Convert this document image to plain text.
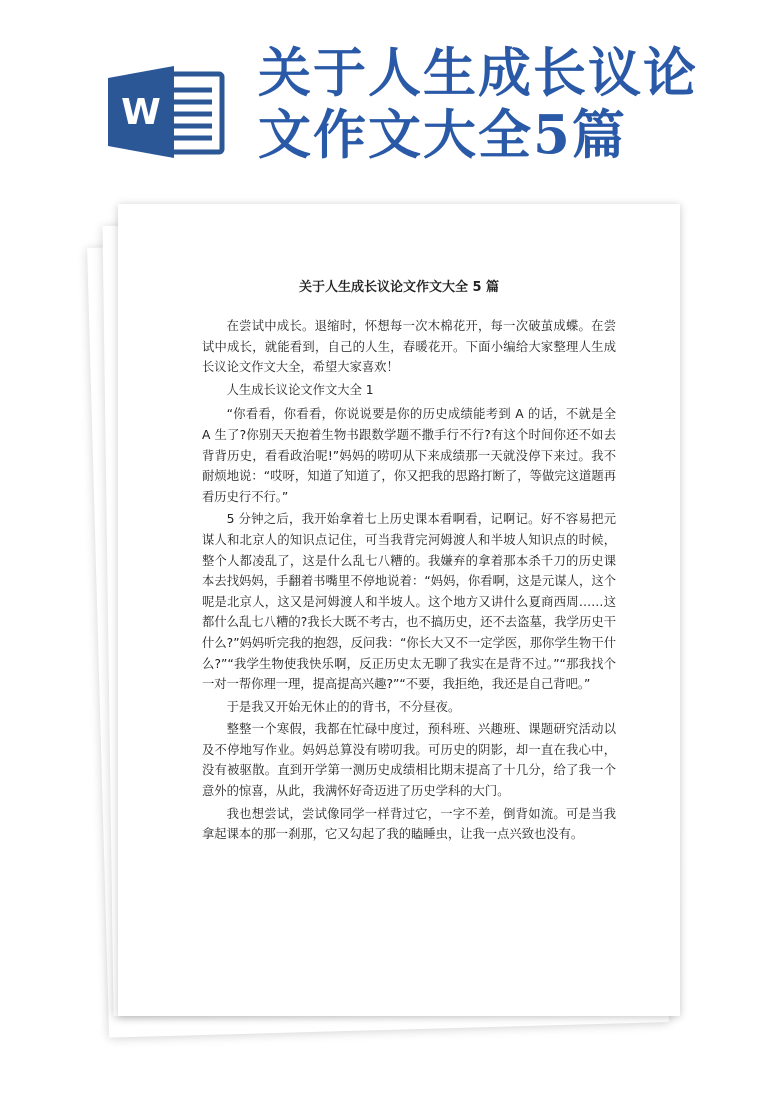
W
关于人生成长议论
文作文大全5篇
关于人生成长议论文作文大全 5 篇

在尝试中成长。退缩时，怀想每一次木棉花开，每一次破茧成蝶。在尝试中成长，就能看到，自己的人生，春暖花开。下面小编给大家整理人生成长议论文作文大全，希望大家喜欢！

人生成长议论文作文大全 1

“你看看，你看看，你说说要是你的历史成绩能考到 A 的话，不就是全 A 生了?你别天天抱着生物书跟数学题不撒手行不行?有这个时间你还不如去背背历史，看看政治呢!”妈妈的唠叨从下来成绩那一天就没停下来过。我不耐烦地说：“哎呀，知道了知道了，你又把我的思路打断了，等做完这道题再看历史行不行。”

5 分钟之后，我开始拿着七上历史课本看啊看，记啊记。好不容易把元谋人和北京人的知识点记住，可当我背完河姆渡人和半坡人知识点的时候，整个人都凌乱了，这是什么乱七八糟的。我嫌弃的拿着那本杀千刀的历史课本去找妈妈，手翻着书嘴里不停地说着：“妈妈，你看啊，这是元谋人，这个呢是北京人，这又是河姆渡人和半坡人。这个地方又讲什么夏商西周……这都什么乱七八糟的?我长大既不考古，也不搞历史，还不去盗墓，我学历史干什么?”妈妈听完我的抱怨，反问我：“你长大又不一定学医，那你学生物干什么?”“我学生物使我快乐啊，反正历史太无聊了我实在是背不过。”“那我找个一对一帮你理一理，提高提高兴趣?”“不要，我拒绝，我还是自己背吧。”

于是我又开始无休止的的背书，不分昼夜。

整整一个寒假，我都在忙碌中度过，预科班、兴趣班、课题研究活动以及不停地写作业。妈妈总算没有唠叨我。可历史的阴影，却一直在我心中，没有被驱散。直到开学第一测历史成绩相比期末提高了十几分，给了我一个意外的惊喜，从此，我满怀好奇迈进了历史学科的大门。

我也想尝试，尝试像同学一样背过它，一字不差，倒背如流。可是当我拿起课本的那一刹那，它又勾起了我的瞌睡虫，让我一点兴致也没有。
